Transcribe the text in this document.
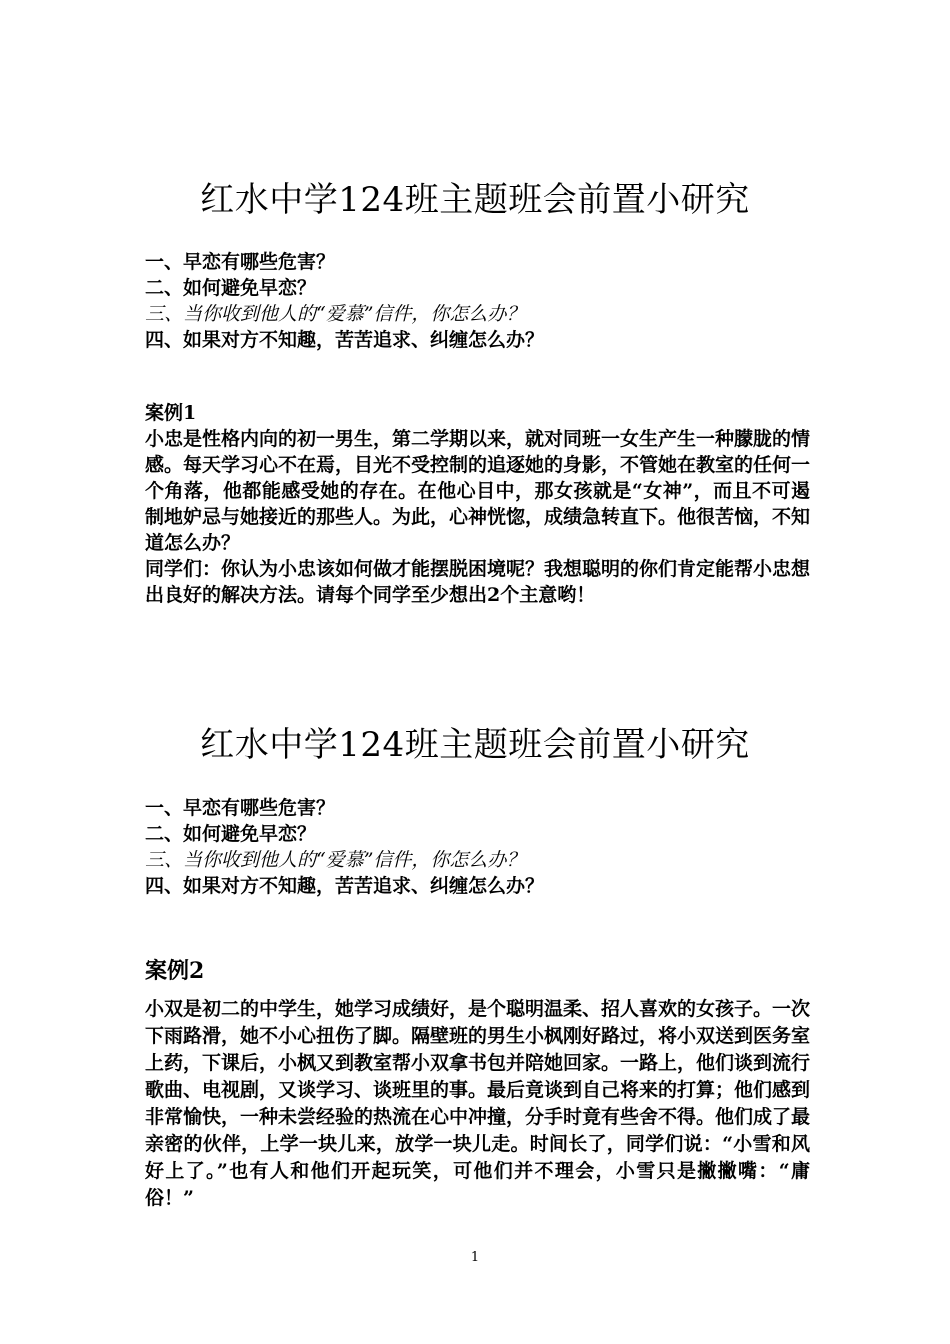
红水中学124班主题班会前置小研究
一、早恋有哪些危害？
二、如何避免早恋？
三、当你收到他人的“爱慕”信件，你怎么办？
四、如果对方不知趣，苦苦追求、纠缠怎么办？
案例1

小忠是性格内向的初一男生，第二学期以来，就对同班一女生产生一种朦胧的情感。每天学习心不在焉，目光不受控制的追逐她的身影，不管她在教室的任何一个角落，他都能感受她的存在。在他心目中，那女孩就是“女神”，而且不可遏制地妒忌与她接近的那些人。为此，心神恍惚，成绩急转直下。他很苦恼，不知道怎么办？

同学们：你认为小忠该如何做才能摆脱困境呢？我想聪明的你们肯定能帮小忠想出良好的解决方法。请每个同学至少想出2个主意哟！

红水中学124班主题班会前置小研究
一、早恋有哪些危害？
二、如何避免早恋？
三、当你收到他人的“爱慕”信件，你怎么办？
四、如果对方不知趣，苦苦追求、纠缠怎么办？
案例2

小双是初二的中学生，她学习成绩好，是个聪明温柔、招人喜欢的女孩子。一次下雨路滑，她不小心扭伤了脚。隔壁班的男生小枫刚好路过，将小双送到医务室上药，下课后，小枫又到教室帮小双拿书包并陪她回家。一路上，他们谈到流行歌曲、电视剧，又谈学习、谈班里的事。最后竟谈到自己将来的打算；他们感到非常愉快，一种未尝经验的热流在心中冲撞，分手时竟有些舍不得。他们成了最亲密的伙伴，上学一块儿来，放学一块儿走。时间长了，同学们说：“小雪和风好上了。”也有人和他们开起玩笑，可他们并不理会，小雪只是撇撇嘴：“庸俗！”

1
